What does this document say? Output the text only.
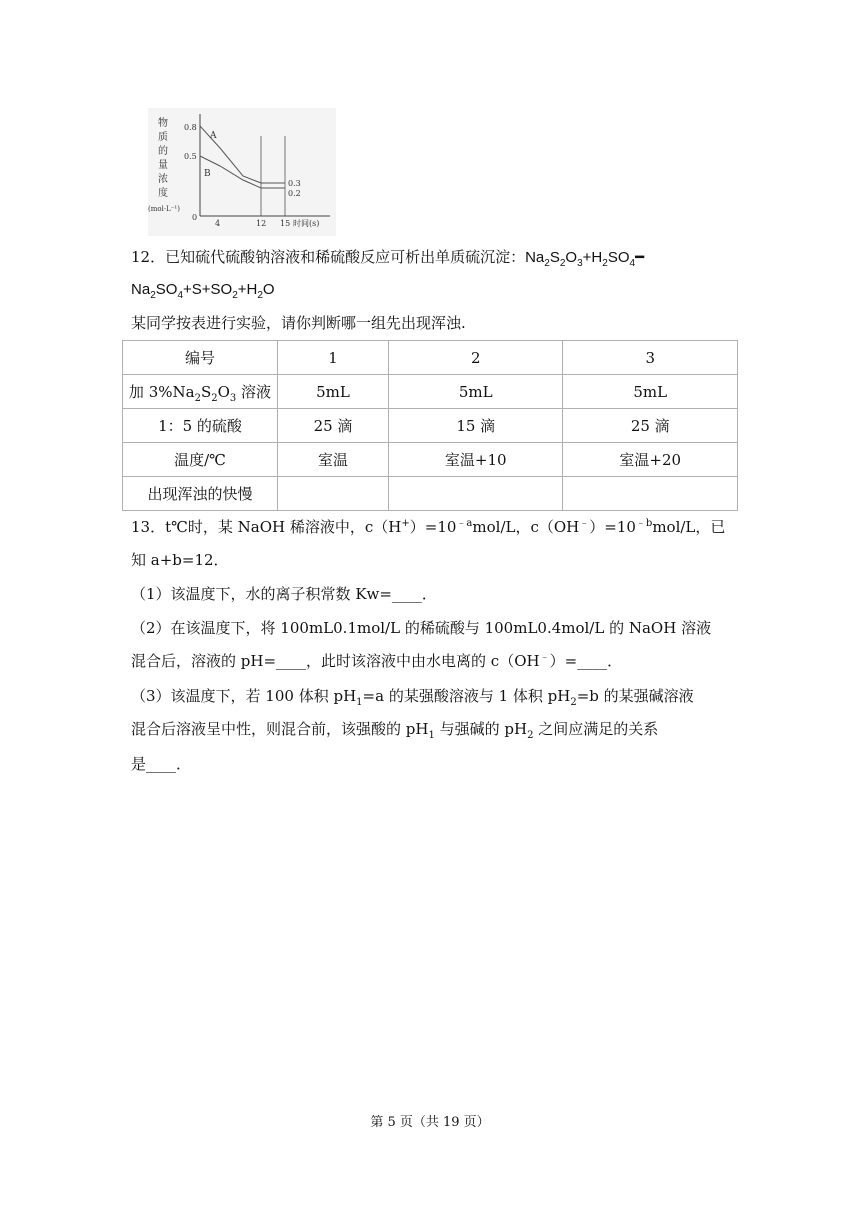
物
质
的
量
浓
度
(mol·L⁻¹)
0.8
0.5
0
4	12 15 时间(s)
A
B
0.3
0.2
12．已知硫代硫酸钠溶液和稀硫酸反应可析出单质硫沉淀：$Na_2S_2O_3+H_2SO_4━$
$Na_2SO_4+S+SO_2+H_2O$
某同学按表进行实验，请你判断哪一组先出现浑浊.
编号	1	2	3
加 $3\%Na_2S_2O_3$ 溶液	5mL	5mL	5mL
1：5 的硫酸	25 滴	15 滴	25 滴
温度/℃	室温	室温+10	室温+20
出现浑浊的快慢			
13．t℃时，某 NaOH 稀溶液中，$c(H^+)=10^{﹣a}mol/L$，$c(OH^﹣)=10^{﹣b}mol/L$，已
知 a+b=12．
（1）该温度下，水的离子积常数 Kw=____．
（2）在该温度下，将 100mL0.1mol/L 的稀硫酸与 100mL0.4mol/L 的 NaOH 溶液
混合后，溶液的 pH=____，此时该溶液中由水电离的 c（OH﹣）=____．
（3）该温度下，若 100 体积 $pH_1=a$ 的某强酸溶液与 1 体积 $pH_2=b$ 的某强碱溶液
混合后溶液呈中性，则混合前，该强酸的 $pH_1$ 与强碱的 $pH_2$ 之间应满足的关系
是____．
第 5 页（共 19 页）
